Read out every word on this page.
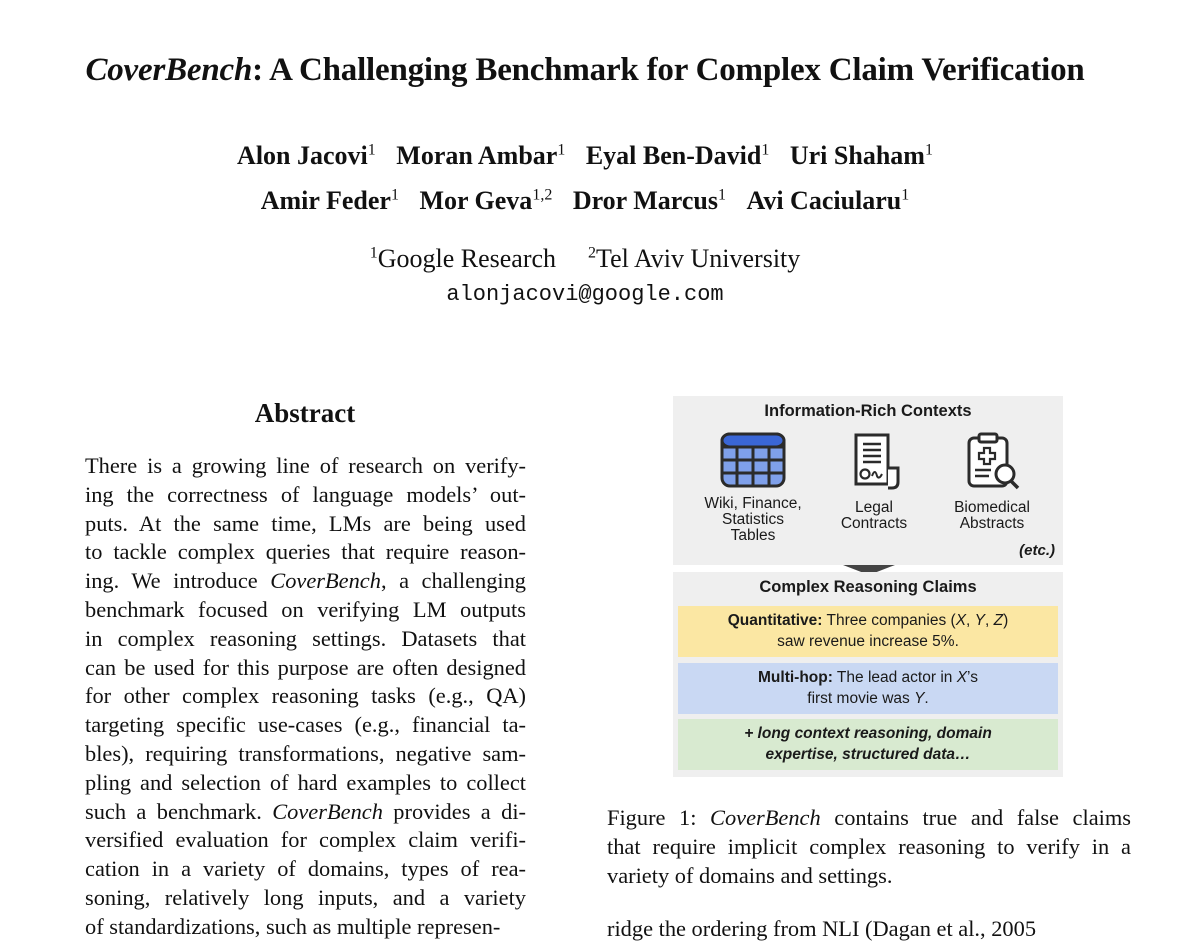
CoverBench: A Challenging Benchmark for Complex Claim Verification
Alon Jacovi$^1$ Moran Ambar$^1$ Eyal Ben-David$^1$ Uri Shaham$^1$
Amir Feder$^1$ Mor Geva$^{1,2}$ Dror Marcus$^1$ Avi Caciularu$^1$
$^1$Google Research $^2$Tel Aviv University
alonjacovi@google.com
Abstract
There is a growing line of research on verify-
ing the correctness of language models’ out-
puts. At the same time, LMs are being used
to tackle complex queries that require reason-
ing. We introduce CoverBench, a challenging
benchmark focused on verifying LM outputs
in complex reasoning settings. Datasets that
can be used for this purpose are often designed
for other complex reasoning tasks (e.g., QA)
targeting specific use-cases (e.g., financial ta-
bles), requiring transformations, negative sam-
pling and selection of hard examples to collect
such a benchmark. CoverBench provides a di-
versified evaluation for complex claim verifi-
cation in a variety of domains, types of rea-
soning, relatively long inputs, and a variety
of standardizations, such as multiple represen-
Information-Rich Contexts
Wiki, Finance,
Statistics
Tables
Legal
Contracts
Biomedical
Abstracts
(etc.)
Complex Reasoning Claims
Quantitative: Three companies (X, Y, Z)
saw revenue increase 5%.
Multi-hop: The lead actor in X’s
first movie was Y.
+ long context reasoning, domain
expertise, structured data…
Figure 1: CoverBench contains true and false claims
that require implicit complex reasoning to verify in a
variety of domains and settings.
ridge the ordering from NLI (Dagan et al., 2005
